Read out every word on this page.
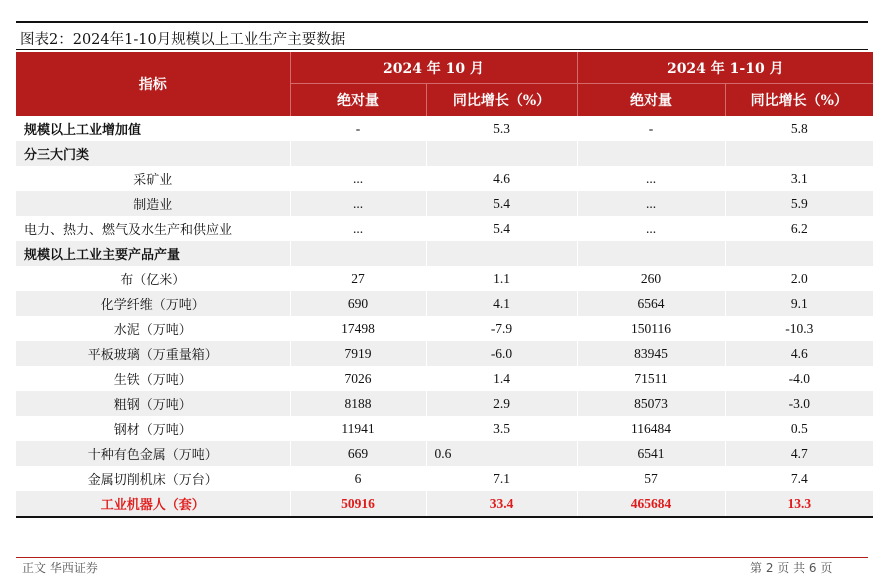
图表2：2024年1-10月规模以上工业生产主要数据
指标	2024 年 10 月		2024 年 1-10 月	
	绝对量	同比增长（%）	绝对量	同比增长（%）
规模以上工业增加值	-	5.3	-	5.8
分三大门类				
采矿业	...	4.6	...	3.1
制造业	...	5.4	...	5.9
电力、热力、燃气及水生产和供应业	...	5.4	...	6.2
规模以上工业主要产品产量				
布（亿米）	27	1.1	260	2.0
化学纤维（万吨）	690	4.1	6564	9.1
水泥（万吨）	17498	-7.9	150116	-10.3
平板玻璃（万重量箱）	7919	-6.0	83945	4.6
生铁（万吨）	7026	1.4	71511	-4.0
粗钢（万吨）	8188	2.9	85073	-3.0
钢材（万吨）	11941	3.5	116484	0.5
十种有色金属（万吨）	669	0.6	6541	4.7
金属切削机床（万台）	6	7.1	57	7.4
工业机器人（套）	50916	33.4	465684	13.3
正文 华西证券	第 2 页 共 6 页
